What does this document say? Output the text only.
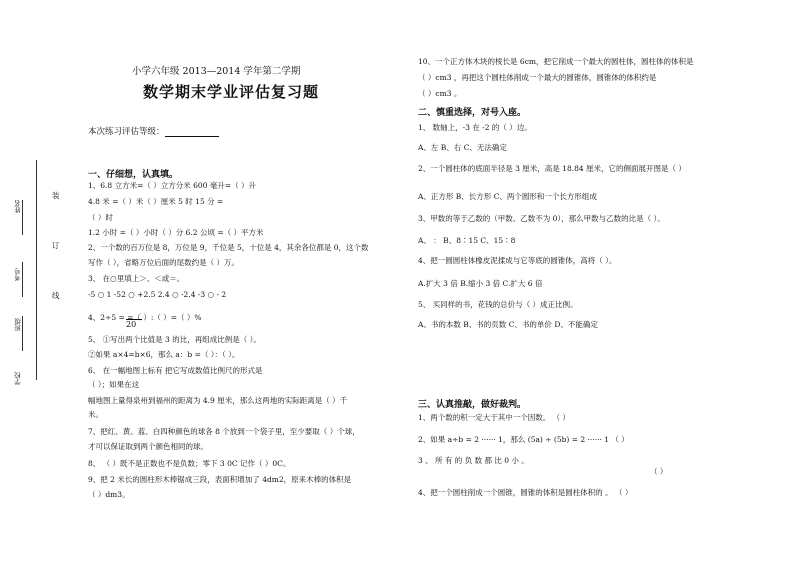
装
订
线
姓名
考号
班级
学校
小学六年级 2013—2014 学年第二学期
数学期末学业评估复习题
本次练习评估等级：
一、仔细想，认真填。
1、6.8 立方米=（ ）立方分米 600 毫升=（ ）升
4.8 米 =（ ）米（ ）厘米 5 时 15 分 =
（ ）时
1.2 小时 =（ ）小时（ ）分 6.2 公顷 =（ ）平方米
2、一个数的百万位是 8，万位是 9，千位是 5，十位是 4，其余各位都是 0，这个数
写作（ ），省略万位后面的尾数约是（ ）万。
3、 在○里填上＞、＜或＝。
-5 ○ 1 -52 ○ +2.5 2.4 ○ -2.4 -3 ○ - 2
4、2÷5 = =（ ）:（ ）=（ ）%
20
5、 ①写出两个比值是 3 的比，再组成比例是（ ）。
②如果 a×4=b×6，那么 a：b =（ ）：（ ）。
6、 在一幅地图上标有 把它写成数值比例尺的形式是
（ ）；如果在这
幅地图上量得泉州到福州的距离为 4.9 厘米，那么这两地的实际距离是（ ）千
米。
7、把红、黄、蓝、白四种颜色的球各 8 个放到一个袋子里，至少要取（ ）个球，
才可以保证取到两个颜色相同的球。
8、 （ ）既不是正数也不是负数；零下 3 0C 记作（ ）0C。
9、把 2 米长的圆柱形木棒锯成三段，表面积增加了 4dm2，原来木棒的体积是
（ ）dm3。
10、一个正方体木块的棱长是 6cm，把它削成一个最大的圆柱体，圆柱体的体积是
（ ）cm3 ，再把这个圆柱体削成一个最大的圆锥体，圆锥体的体积约是
（ ）cm3 。
二、慎重选择，对号入座。
1、 数轴上，-3 在 -2 的（ ）边。
A、左 B、右 C、无法确定
2、一个圆柱体的底面半径是 3 厘米，高是 18.84 厘米，它的侧面展开图是（ ）
A、正方形 B、长方形 C、两个圆形和一个长方形组成
3、甲数的等于乙数的（甲数、乙数不为 0），那么甲数与乙数的比是（ ）。
A、 ： B、8∶15 C、15∶8
4、把一圆圆柱体橡皮泥揉成与它等底的圆锥体，高将（ ）。
A.扩大 3 倍 B.缩小 3 倍 C.扩大 6 倍
5、 买同样的书，花钱的总价与（ ）成正比例。
A、书的本数 B、书的页数 C、书的单价 D、不能确定
三、认真推敲，做好裁判。
1、两个数的积一定大于其中一个因数。 （ ）
2、如果 a÷b = 2 ······ 1，那么 (5a) ÷ (5b) = 2 ······ 1 （ ）
3 、 所 有 的 负 数 都 比 0 小 。
（ ）
4、把一个圆柱削成一个圆锥，圆锥的体积是圆柱体积的 。 （ ）
